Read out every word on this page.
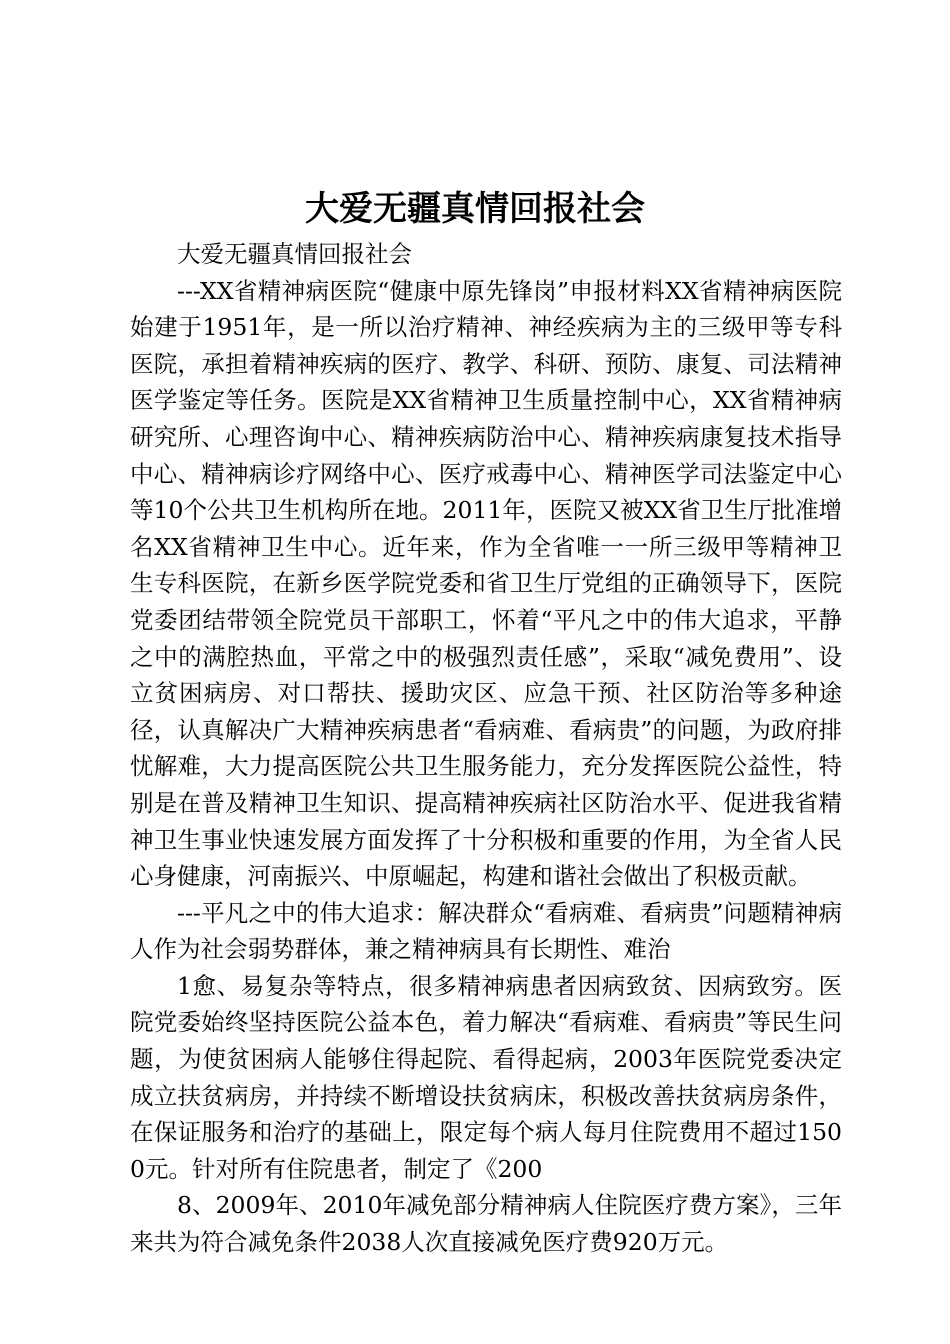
大爱无疆真情回报社会

大爱无疆真情回报社会

---XX省精神病医院“健康中原先锋岗”申报材料XX省精神病医院始建于1951年，是一所以治疗精神、神经疾病为主的三级甲等专科医院，承担着精神疾病的医疗、教学、科研、预防、康复、司法精神医学鉴定等任务。医院是XX省精神卫生质量控制中心，XX省精神病研究所、心理咨询中心、精神疾病防治中心、精神疾病康复技术指导中心、精神病诊疗网络中心、医疗戒毒中心、精神医学司法鉴定中心等10个公共卫生机构所在地。2011年，医院又被XX省卫生厅批准增名XX省精神卫生中心。近年来，作为全省唯一一所三级甲等精神卫生专科医院，在新乡医学院党委和省卫生厅党组的正确领导下，医院党委团结带领全院党员干部职工，怀着“平凡之中的伟大追求，平静之中的满腔热血，平常之中的极强烈责任感”，采取“减免费用”、设立贫困病房、对口帮扶、援助灾区、应急干预、社区防治等多种途径，认真解决广大精神疾病患者“看病难、看病贵”的问题，为政府排忧解难，大力提高医院公共卫生服务能力，充分发挥医院公益性，特别是在普及精神卫生知识、提高精神疾病社区防治水平、促进我省精神卫生事业快速发展方面发挥了十分积极和重要的作用，为全省人民心身健康，河南振兴、中原崛起，构建和谐社会做出了积极贡献。

---平凡之中的伟大追求：解决群众“看病难、看病贵”问题精神病人作为社会弱势群体，兼之精神病具有长期性、难治

1愈、易复杂等特点，很多精神病患者因病致贫、因病致穷。医院党委始终坚持医院公益本色，着力解决“看病难、看病贵”等民生问题，为使贫困病人能够住得起院、看得起病，2003年医院党委决定成立扶贫病房，并持续不断增设扶贫病床，积极改善扶贫病房条件，在保证服务和治疗的基础上，限定每个病人每月住院费用不超过1500元。针对所有住院患者，制定了《200

8、2009年、2010年减免部分精神病人住院医疗费方案》，三年来共为符合减免条件2038人次直接减免医疗费920万元。
